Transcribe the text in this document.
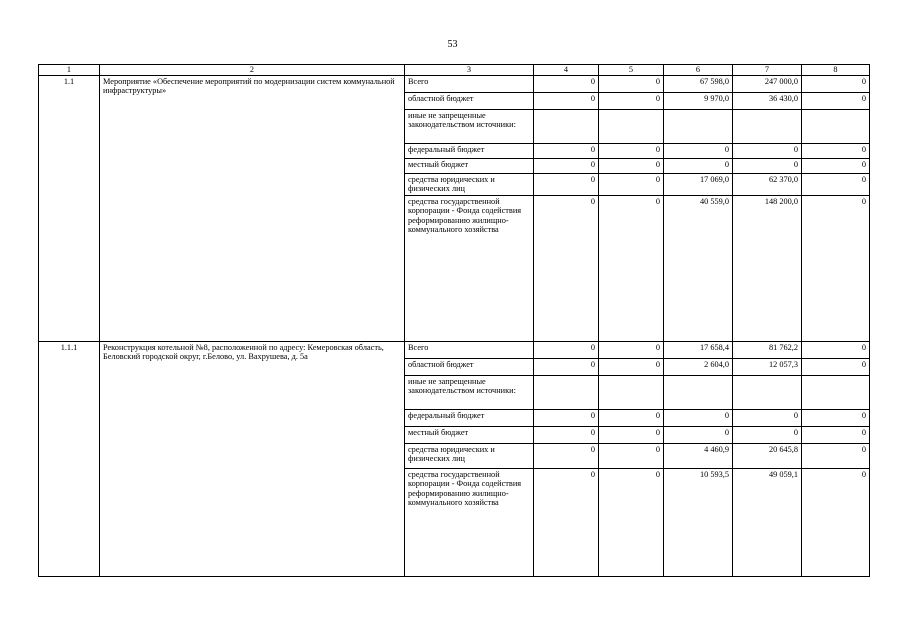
53
1	2	3	4	5	6	7	8
1.1	Мероприятие «Обеспечение мероприятий по модернизации систем коммунальной инфраструктуры»	Всего	0	0	67 598,0	247 000,0	0
		областной бюджет	0	0	9 970,0	36 430,0	0
		иные не запрещенные законодательством источники:					
		федеральный бюджет	0	0	0	0	0
		местный бюджет	0	0	0	0	0
		средства юридических и физических лиц	0	0	17 069,0	62 370,0	0
		средства государственной корпорации - Фонда содействия реформированию жилищно-коммунального хозяйства	0	0	40 559,0	148 200,0	0
1.1.1	Реконструкция котельной №8, расположенной по адресу: Кемеровская область, Беловский городской округ, г.Белово, ул. Вахрушева, д. 5а	Всего	0	0	17 658,4	81 762,2	0
		областной бюджет	0	0	2 604,0	12 057,3	0
		иные не запрещенные законодательством источники:					
		федеральный бюджет	0	0	0	0	0
		местный бюджет	0	0	0	0	0
		средства юридических и физических лиц	0	0	4 460,9	20 645,8	0
		средства государственной корпорации - Фонда содействия реформированию жилищно-коммунального хозяйства	0	0	10 593,5	49 059,1	0
